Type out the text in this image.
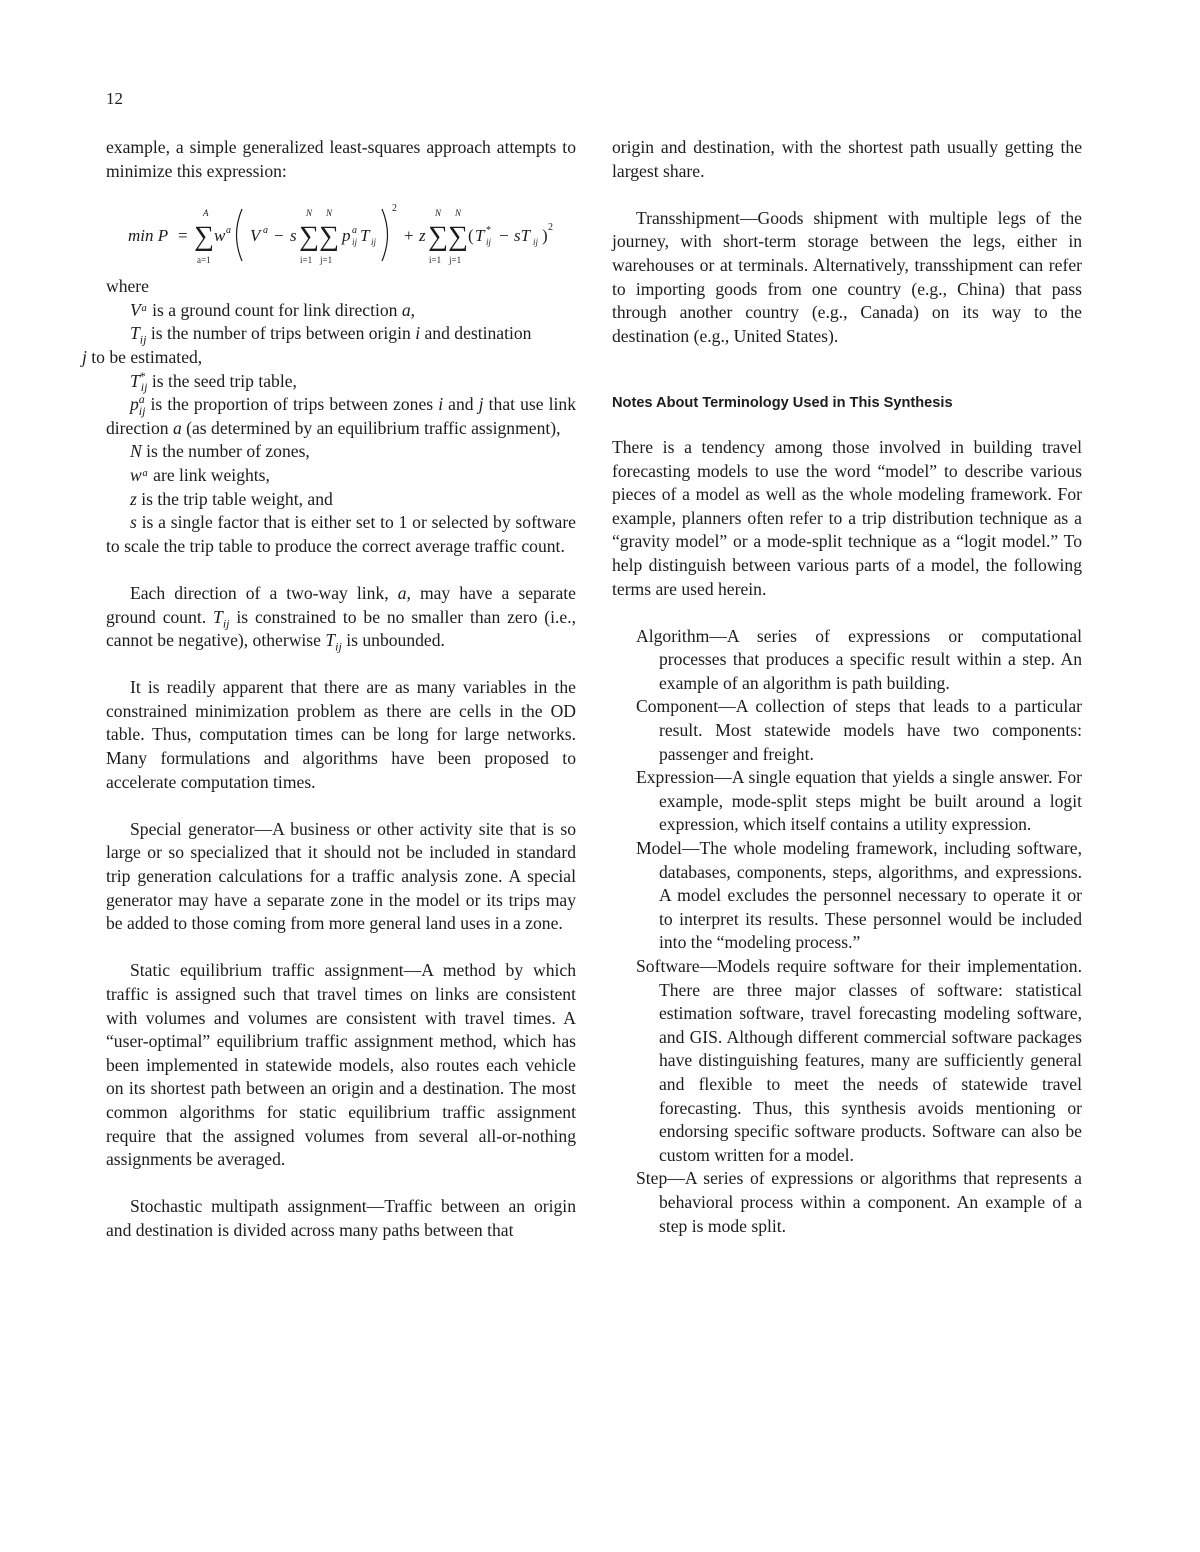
12

example, a simple generalized least-squares approach attempts to minimize this expression:

min P =
A
∑
a=1
w a V a − s
N
∑
i=1
N
∑
j=1
p a
ij T ij
2
+ z
N
∑
i=1
N
∑
j=1
( T *
ij − sT ij ) 2

where

Vᵃ is a ground count for link direction a,

$T_{ij}$ is the number of trips between origin i and destination
j to be estimated,

$T^*_{ij}$ is the seed trip table,

$p^a_{ij}$ is the proportion of trips between zones i and j that use link direction a (as determined by an equilibrium traffic assignment),

N is the number of zones,

wᵃ are link weights,

z is the trip table weight, and

s is a single factor that is either set to 1 or selected by software to scale the trip table to produce the correct average traffic count.

Each direction of a two-way link, a, may have a separate ground count. $T_{ij}$ is constrained to be no smaller than zero (i.e., cannot be negative), otherwise $T_{ij}$ is unbounded.

It is readily apparent that there are as many variables in the constrained minimization problem as there are cells in the OD table. Thus, computation times can be long for large networks. Many formulations and algorithms have been proposed to accelerate computation times.

Special generator—A business or other activity site that is so large or so specialized that it should not be included in standard trip generation calculations for a traffic analysis zone. A special generator may have a separate zone in the model or its trips may be added to those coming from more general land uses in a zone.

Static equilibrium traffic assignment—A method by which traffic is assigned such that travel times on links are consistent with volumes and volumes are consistent with travel times. A “user-optimal” equilibrium traffic assignment method, which has been implemented in statewide models, also routes each vehicle on its shortest path between an origin and a destination. The most common algorithms for static equilibrium traffic assignment require that the assigned volumes from several all-or-nothing assignments be averaged.

Stochastic multipath assignment—Traffic between an origin and destination is divided across many paths between that

origin and destination, with the shortest path usually getting the largest share.

Transshipment—Goods shipment with multiple legs of the journey, with short-term storage between the legs, either in warehouses or at terminals. Alternatively, transshipment can refer to importing goods from one country (e.g., China) that pass through another country (e.g., Canada) on its way to the destination (e.g., United States).

Notes About Terminology Used in This Synthesis

There is a tendency among those involved in building travel forecasting models to use the word “model” to describe various pieces of a model as well as the whole modeling framework. For example, planners often refer to a trip distribution technique as a “gravity model” or a mode-split technique as a “logit model.” To help distinguish between various parts of a model, the following terms are used herein.

Algorithm—A series of expressions or computational processes that produces a specific result within a step. An example of an algorithm is path building.

Component—A collection of steps that leads to a particular result. Most statewide models have two components: passenger and freight.

Expression—A single equation that yields a single answer. For example, mode-split steps might be built around a logit expression, which itself contains a utility expression.

Model—The whole modeling framework, including software, databases, components, steps, algorithms, and expressions. A model excludes the personnel necessary to operate it or to interpret its results. These personnel would be included into the “modeling process.”

Software—Models require software for their implementation. There are three major classes of software: statistical estimation software, travel forecasting modeling software, and GIS. Although different commercial software packages have distinguishing features, many are sufficiently general and flexible to meet the needs of statewide travel forecasting. Thus, this synthesis avoids mentioning or endorsing specific software products. Software can also be custom written for a model.

Step—A series of expressions or algorithms that represents a behavioral process within a component. An example of a step is mode split.
